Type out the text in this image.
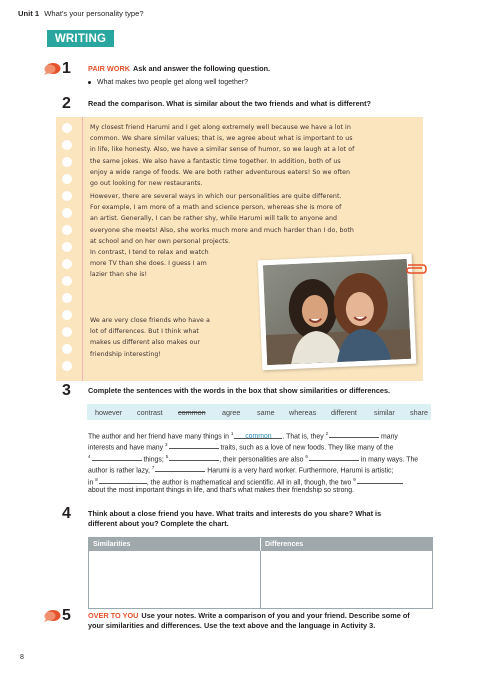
Unit 1 What's your personality type?
WRITING
1 PAIR WORK Ask and answer the following question.
What makes two people get along well together?
2 Read the comparison. What is similar about the two friends and what is different?
My closest friend Harumi and I get along extremely well because we have a lot in
common. We share similar values; that is, we agree about what is important to us
in life, like honesty. Also, we have a similar sense of humor, so we laugh at a lot of
the same jokes. We also have a fantastic time together. In addition, both of us
enjoy a wide range of foods. We are both rather adventurous eaters! So we often
go out looking for new restaurants.
However, there are several ways in which our personalities are quite different.
For example, I am more of a math and science person, whereas she is more of
an artist. Generally, I can be rather shy, while Harumi will talk to anyone and
everyone she meets! Also, she works much more and much harder than I do, both
at school and on her own personal projects.
In contrast, I tend to relax and watch
more TV than she does. I guess I am
lazier than she is!
We are very close friends who have a
lot of differences. But I think what
makes us different also makes our
friendship interesting!
3 Complete the sentences with the words in the box that show similarities or differences.
however contrast common agree same whereas different similar share
The author and her friend have many things in $^1$ common . That is, they $^2$	many
interests and have many $^3$	traits, such as a love of new foods. They like many of the
$^4$	things; $^5$	, their personalities are also $^6$	in many ways. The
author is rather lazy, $^7$	Harumi is a very hard worker. Furthermore, Harumi is artistic;
in $^8$	, the author is mathematical and scientific. All in all, though, the two $^9$
about the most important things in life, and that's what makes their friendship so strong.
4 Think about a close friend you have. What traits and interests do you share? What is
different about you? Complete the chart.
Similarities	Differences
5 OVER TO YOU Use your notes. Write a comparison of you and your friend. Describe some of
your similarities and differences. Use the text above and the language in Activity 3.
8
